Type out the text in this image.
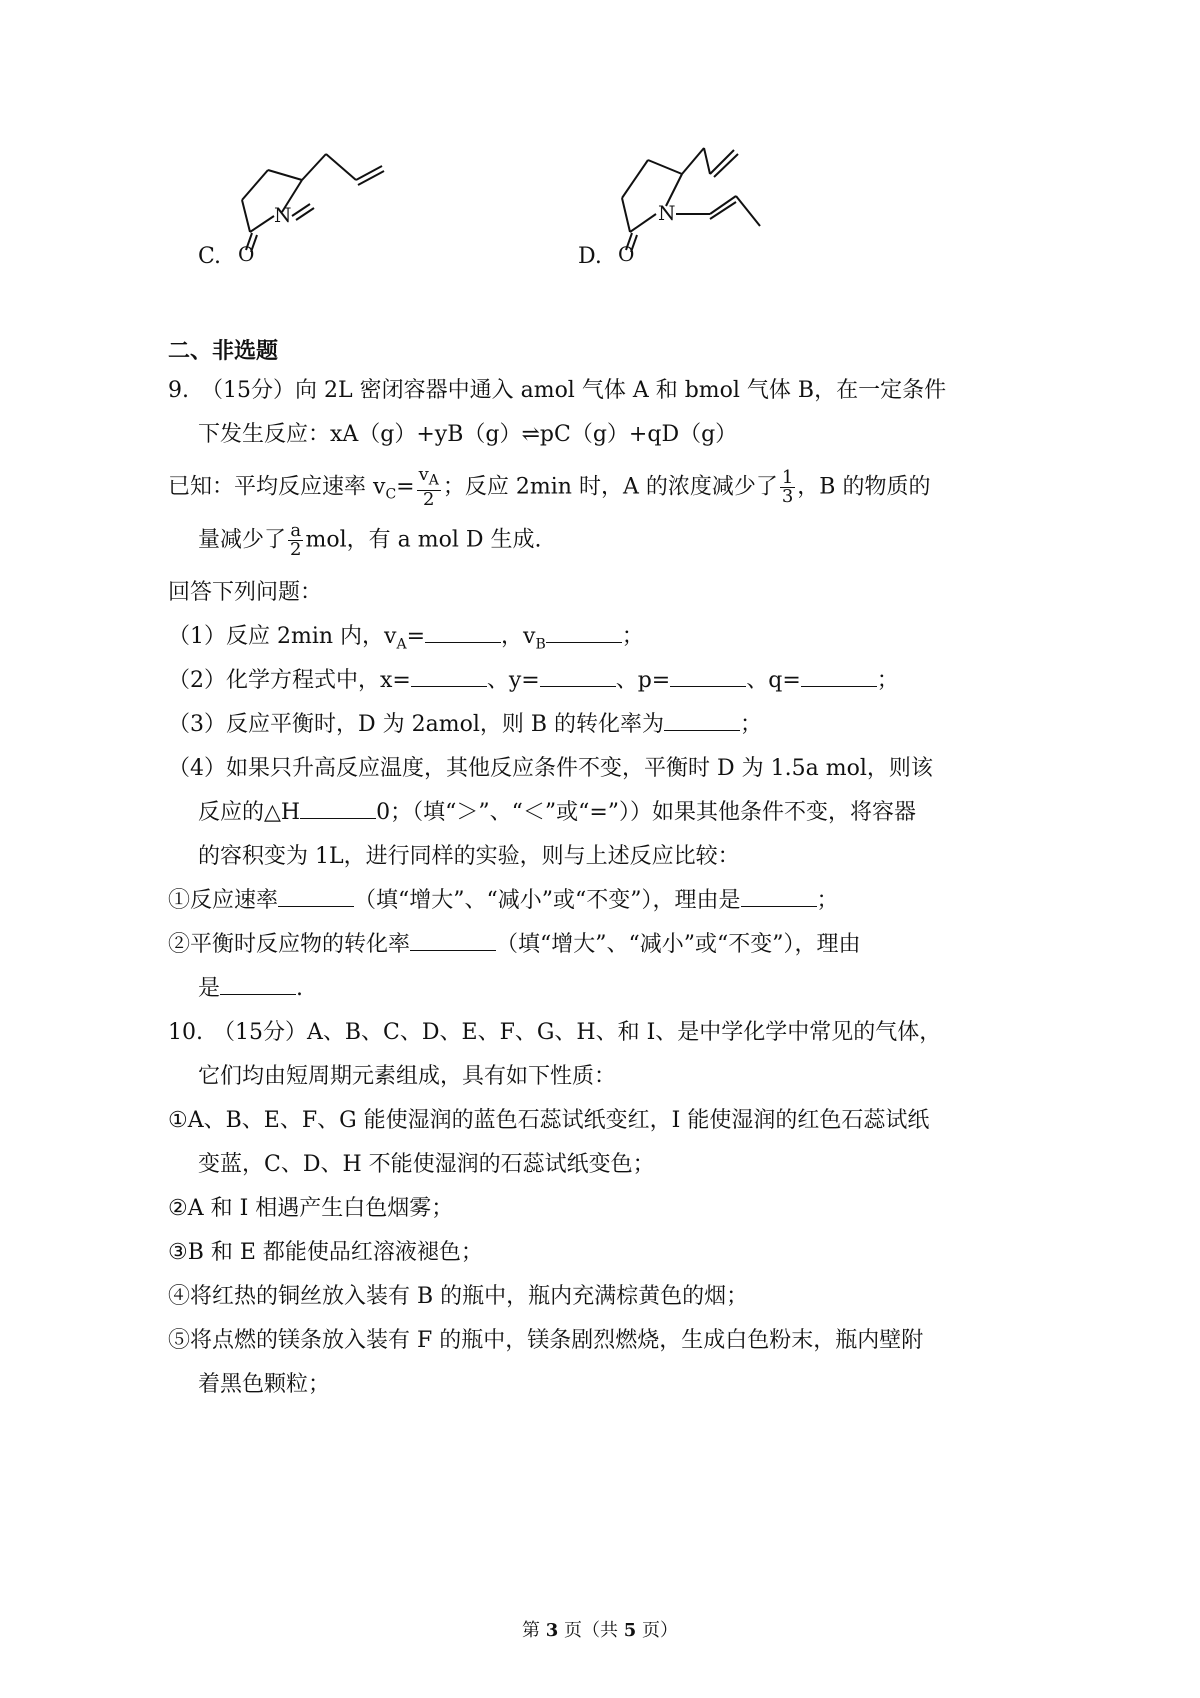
N
O
C.
N
O
D.
二、非选题
9. （15分）向 2L 密闭容器中通入 amol 气体 A 和 bmol 气体 B，在一定条件
下发生反应：xA（g）+yB（g）⇌pC（g）+qD（g）
已知：平均反应速率 $v_C= \frac{v_A}{2}$ ；反应 2min 时，A 的浓度减少了 $\frac{1}{3}$ ，B 的物质的
量减少了 $\frac{a}{2}$ mol，有 a mol D 生成.
回答下列问题：
（1）反应 2min 内，$v_A=$	，$v_B$	；
（2）化学方程式中，x=	、y=	、p=	、q=	；
（3）反应平衡时，D 为 2amol，则 B 的转化率为	；
（4）如果只升高反应温度，其他反应条件不变，平衡时 D 为 1.5a mol，则该
反应的△H	0；（填“＞”、“＜”或“=”））如果其他条件不变，将容器
的容积变为 1L，进行同样的实验，则与上述反应比较：
①反应速率	（填“增大”、“减小”或“不变”），理由是	；
②平衡时反应物的转化率	（填“增大”、“减小”或“不变”），理由
是	.
10. （15分）A、B、C、D、E、F、G、H、和 I、是中学化学中常见的气体，
它们均由短周期元素组成，具有如下性质：
①A、B、E、F、G 能使湿润的蓝色石蕊试纸变红，I 能使湿润的红色石蕊试纸
变蓝，C、D、H 不能使湿润的石蕊试纸变色；
②A 和 I 相遇产生白色烟雾；
③B 和 E 都能使品红溶液褪色；
④将红热的铜丝放入装有 B 的瓶中，瓶内充满棕黄色的烟；
⑤将点燃的镁条放入装有 F 的瓶中，镁条剧烈燃烧，生成白色粉末，瓶内壁附
着黑色颗粒；
第 3 页（共 5 页）
